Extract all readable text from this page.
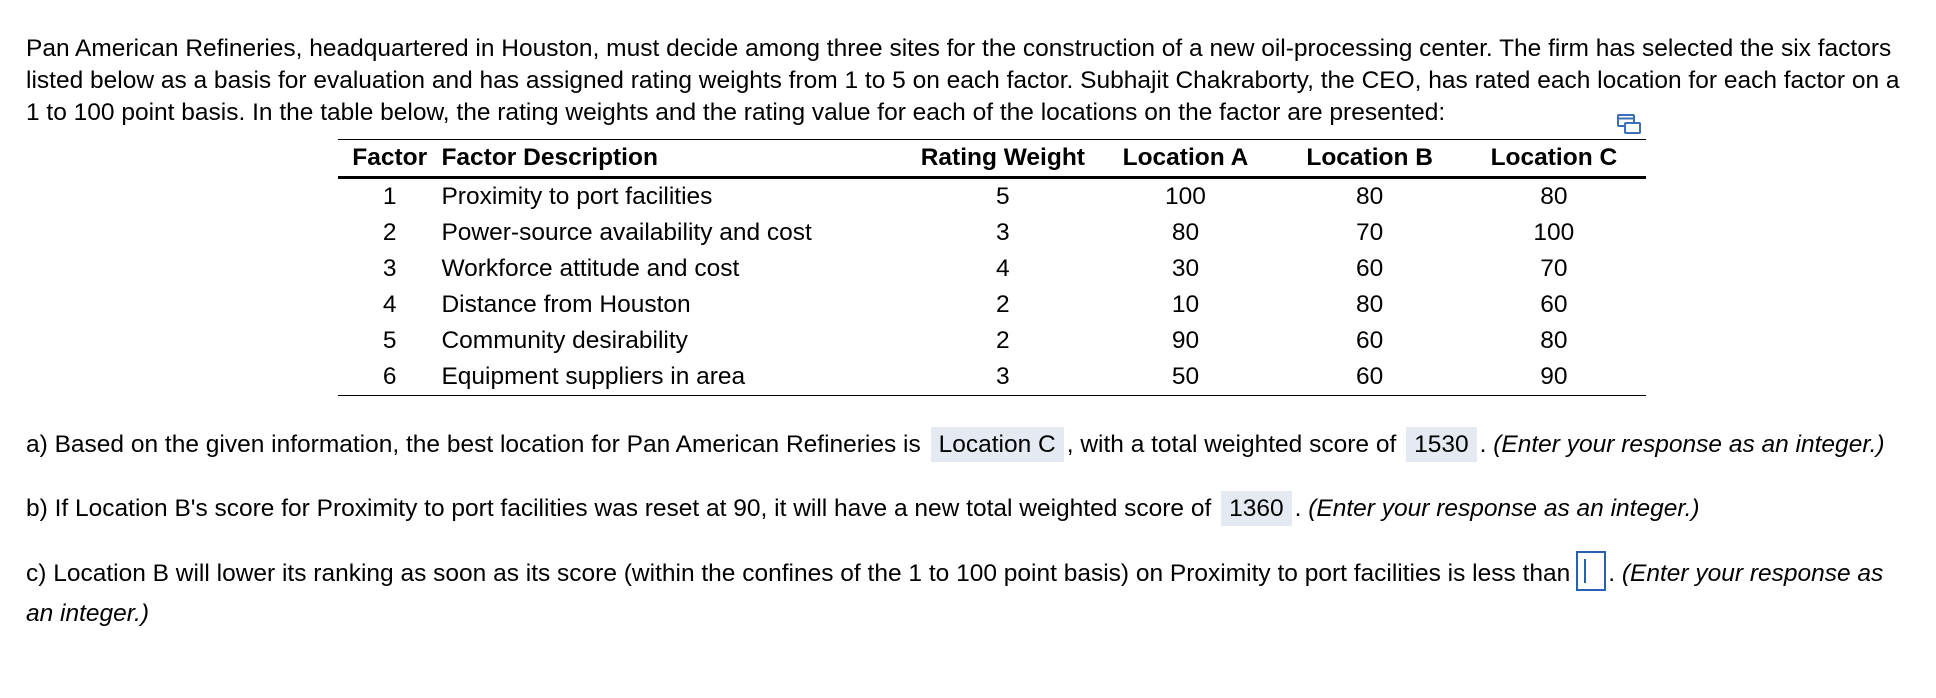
Pan American Refineries, headquartered in Houston, must decide among three sites for the construction of a new oil-processing center. The firm has selected the six factors listed below as a basis for evaluation and has assigned rating weights from 1 to 5 on each factor. Subhajit Chakraborty, the CEO, has rated each location for each factor on a 1 to 100 point basis. In the table below, the rating weights and the rating value for each of the locations on the factor are presented:

Factor	Factor Description	Rating Weight	Location A	Location B	Location C
1	Proximity to port facilities	5	100	80	80
2	Power-source availability and cost	3	80	70	100
3	Workforce attitude and cost	4	30	60	70
4	Distance from Houston	2	10	80	60
5	Community desirability	2	90	60	80
6	Equipment suppliers in area	3	50	60	90

a) Based on the given information, the best location for Pan American Refineries is Location C , with a total weighted score of 1530 . (Enter your response as an integer.)

b) If Location B's score for Proximity to port facilities was reset at 90, it will have a new total weighted score of 1360 . (Enter your response as an integer.)

c) Location B will lower its ranking as soon as its score (within the confines of the 1 to 100 point basis) on Proximity to port facilities is less than . (Enter your response as an integer.)
